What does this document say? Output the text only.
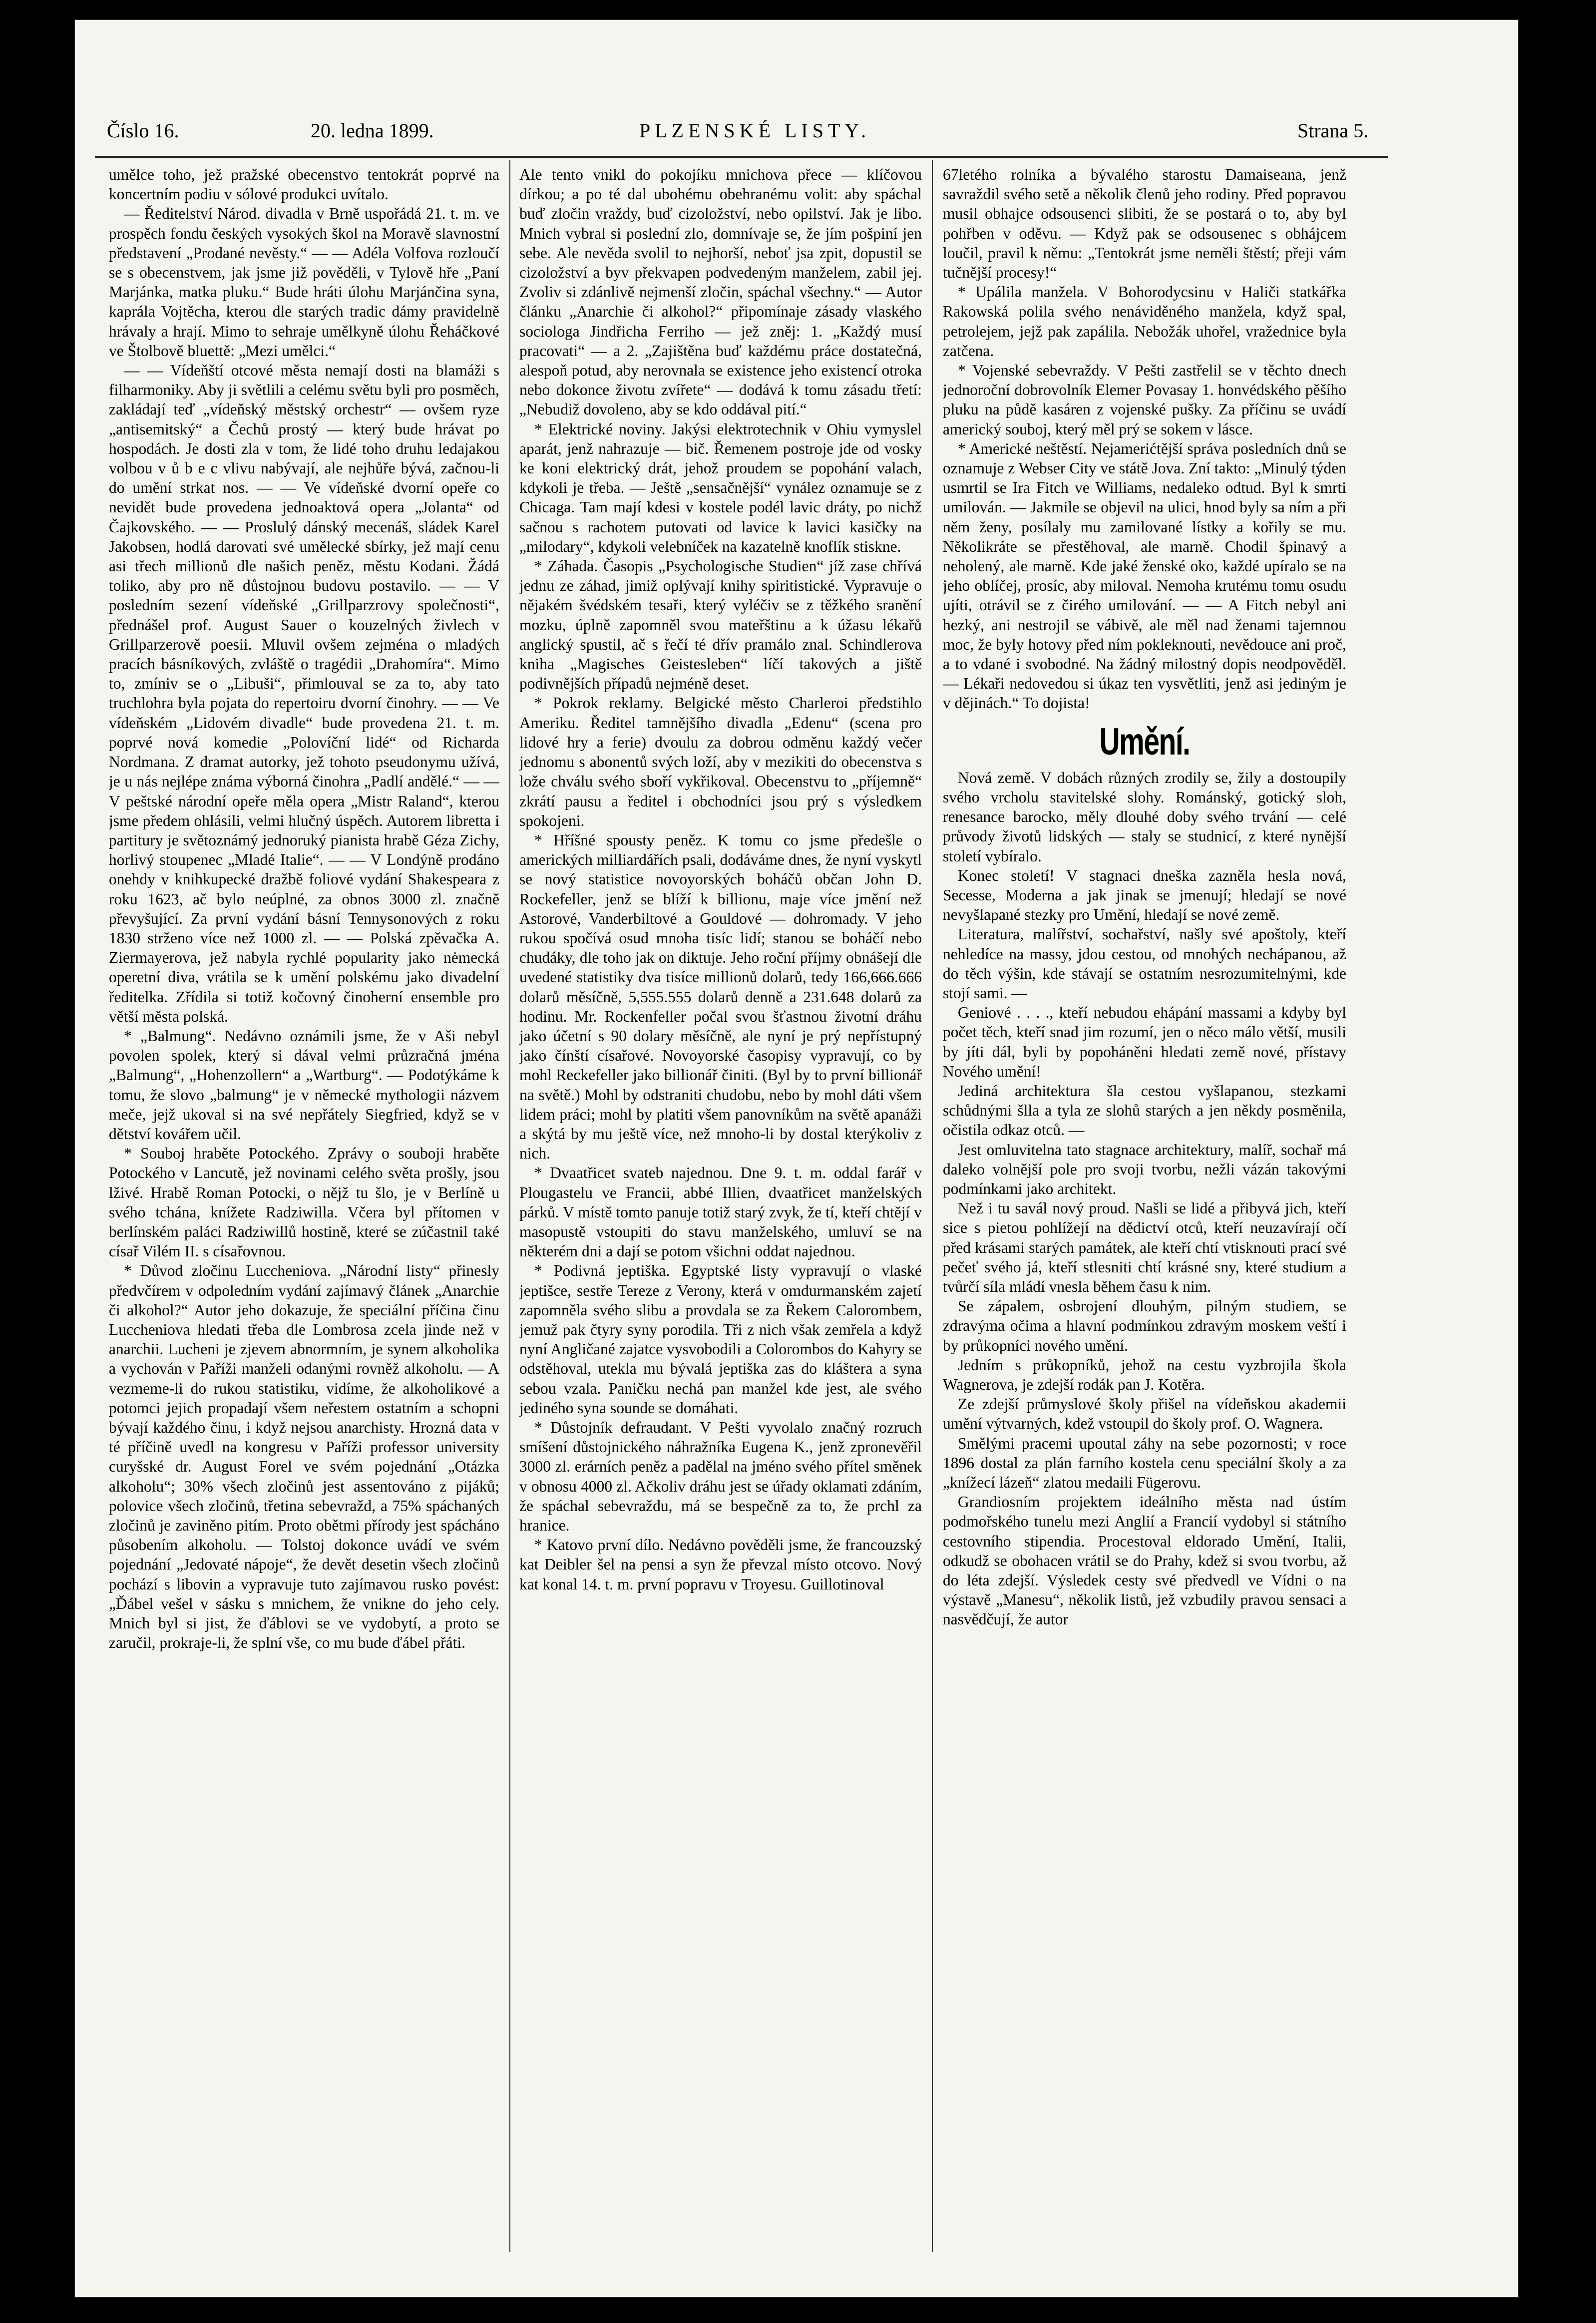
Číslo 16.	20. ledna 1899.	PLZENSKÉ LISTY.	Strana 5.

umělce toho, jež pražské obecenstvo tentokrát poprvé na koncertním podiu v sólové produkci uvítalo.

— Ředitelství Národ. divadla v Brně uspořádá 21. t. m. ve prospěch fondu českých vysokých škol na Moravě slavnostní představení „Prodané nevěsty.“ — — Adéla Volfova rozloučí se s obecenstvem, jak jsme již pověděli, v Tylově hře „Paní Marjánka, matka pluku.“ Bude hráti úlohu Marjánčina syna, kaprála Vojtěcha, kterou dle starých tradic dámy pravidelně hrávaly a hrají. Mimo to sehraje umělkyně úlohu Řeháčkové ve Štolbově bluettě: „Mezi umělci.“

— — Vídeňští otcové města nemají dosti na blamáži s filharmoniky. Aby ji světlili a celému světu byli pro posměch, zakládají teď „vídeňský městský orchestr“ — ovšem ryze „antisemitský“ a Čechů prostý — který bude hrávat po hospodách. Je dosti zla v tom, že lidé toho druhu ledajakou volbou v ů b e c vlivu nabývají, ale nejhůře bývá, začnou-li do umění strkat nos. — — Ve vídeňské dvorní opeře co nevidět bude provedena jednoaktová opera „Jolanta“ od Čajkovského. — — Proslulý dánský mecenáš, sládek Karel Jakobsen, hodlá darovati své umělecké sbírky, jež mají cenu asi třech millionů dle našich peněz, městu Kodani. Žádá toliko, aby pro ně důstojnou budovu postavilo. — — V posledním sezení vídeňské „Grillparzrovy společnosti“, přednášel prof. August Sauer o kouzelných živlech v Grillparzerově poesii. Mluvil ovšem zejména o mladých pracích básníkových, zvláště o tragédii „Drahomíra“. Mimo to, zmíniv se o „Libuši“, přimlouval se za to, aby tato truchlohra byla pojata do repertoiru dvorní činohry. — — Ve vídeňském „Lidovém divadle“ bude provedena 21. t. m. poprvé nová komedie „Polovíční lidé“ od Richarda Nordmana. Z dramat autorky, jež tohoto pseudonymu užívá, je u nás nejlépe známa výborná činohra „Padlí andělé.“ — — V peštské národní opeře měla opera „Mistr Raland“, kterou jsme předem ohlásili, velmi hlučný úspěch. Autorem libretta i partitury je světoznámý jednoruký pianista hrabě Géza Zichy, horlivý stoupenec „Mladé Italie“. — — V Londýně prodáno onehdy v knihkupecké dražbě foliové vydání Shakespeara z roku 1623, ač bylo neúplné, za obnos 3000 zl. značně převyšující. Za první vydání básní Tennysonových z roku 1830 strženo více než 1000 zl. — — Polská zpěvačka A. Ziermayerova, jež nabyla rychlé popularity jako nėmecká operetní diva, vrátila se k umění polskému jako divadelní ředitelka. Zřídila si totiž kočovný činoherní ensemble pro větší města polská.

* „Balmung“. Nedávno oznámili jsme, že v Aši nebyl povolen spolek, který si dával velmi průzračná jména „Balmung“, „Hohenzollern“ a „Wartburg“. — Podotýkáme k tomu, že slovo „balmung“ je v německé mythologii názvem meče, jejž ukoval si na své nepřátely Siegfried, když se v dětství kovářem učil.

* Souboj hraběte Potockého. Zprávy o souboji hraběte Potockého v Lancutě, jež novinami celého světa prošly, jsou lživé. Hrabě Roman Potocki, o nějž tu šlo, je v Berlíně u svého tchána, knížete Radziwilla. Včera byl přítomen v berlínském paláci Radziwillů hostině, které se zúčastnil také císař Vilém II. s císařovnou.

* Důvod zločinu Luccheniova. „Národní listy“ přinesly předvčírem v odpoledním vydání zajímavý článek „Anarchie či alkohol?“ Autor jeho dokazuje, že speciální příčina činu Luccheniova hledati třeba dle Lombrosa zcela jinde než v anarchii. Lucheni je zjevem abnormním, je synem alkoholika a vychován v Paříži manželi odanými rovněž alkoholu. — A vezmeme-li do rukou statistiku, vidíme, že alkoholikové a potomci jejich propadají všem neřestem ostatním a schopni bývají každého činu, i když nejsou anarchisty. Hrozná data v té příčině uvedl na kongresu v Paříži professor university curyšské dr. August Forel ve svém pojednání „Otázka alkoholu“; 30% všech zločinů jest assentováno z pijáků; polovice všech zločinů, třetina sebevražd, a 75% spáchaných zločinů je zaviněno pitím. Proto obětmi přírody jest spácháno působením alkoholu. — Tolstoj dokonce uvádí ve svém pojednání „Jedovaté nápoje“, že devět desetin všech zločinů pochází s libovin a vypravuje tuto zajímavou rusko povést: „Ďábel vešel v sásku s mnichem, že vnikne do jeho cely. Mnich byl si jist, že ďáblovi se ve vydobytí, a proto se zaručil, prokraje-li, že splní vše, co mu bude ďábel přáti.

Ale tento vnikl do pokojíku mnichova přece — klíčovou dírkou; a po té dal ubohému obehranému volit: aby spáchal buď zločin vraždy, buď cizoložství, nebo opilství. Jak je libo. Mnich vybral si poslední zlo, domnívaje se, že jím pošpiní jen sebe. Ale nevěda svolil to nejhorší, neboť jsa zpit, dopustil se cizoložství a byv překvapen podvedeným manželem, zabil jej. Zvoliv si zdánlivě nejmenší zločin, spáchal všechny.“ — Autor článku „Anarchie či alkohol?“ připomínaje zásady vlaského sociologa Jindřicha Ferriho — jež zněj: 1. „Každý musí pracovati“ — a 2. „Zajištěna buď každému práce dostatečná, alespoň potud, aby nerovnala se existence jeho existencí otroka nebo dokonce životu zvířete“ — dodává k tomu zásadu třetí: „Nebudiž dovoleno, aby se kdo oddával pití.“

* Elektrické noviny. Jakýsi elektrotechnik v Ohiu vymyslel aparát, jenž nahrazuje — bič. Řemenem postroje jde od vosky ke koni elektrický drát, jehož proudem se popohání valach, kdykoli je třeba. — Ještě „sensačnější“ vynález oznamuje se z Chicaga. Tam mají kdesi v kostele podél lavic dráty, po nichž sačnou s rachotem putovati od lavice k lavici kasičky na „milodary“, kdykoli velebníček na kazatelně knoflík stiskne.

* Záhada. Časopis „Psychologische Studien“ jíž zase chřívá jednu ze záhad, jimiž oplývají knihy spiritistické. Vypravuje o nějakém švédském tesaři, který vyléčiv se z těžkého sranění mozku, úplně zapomněl svou mateřštinu a k úžasu lékařů anglický spustil, ač s řečí té dřív pramálo znal. Schindlerova kniha „Magisches Geistesleben“ líčí takových a jiště podivnějších případů nejméně deset.

* Pokrok reklamy. Belgické město Charleroi předstihlo Ameriku. Ředitel tamnějšího divadla „Edenu“ (scena pro lidové hry a ferie) dvoulu za dobrou odměnu každý večer jednomu s abonentů svých loží, aby v mezikiti do obecenstva s lože chválu svého sboří vykřikoval. Obecenstvu to „příjemně“ zkrátí pausu a ředitel i obchodníci jsou prý s výsledkem spokojeni.

* Hříšné spousty peněz. K tomu co jsme předešle o amerických milliardářích psali, dodáváme dnes, že nyní vyskytl se nový statistice novoyorských boháčů občan John D. Rockefeller, jenž se blíží k billionu, maje více jmění než Astorové, Vanderbiltové a Gouldové — dohromady. V jeho rukou spočívá osud mnoha tisíc lidí; stanou se boháčí nebo chudáky, dle toho jak on diktuje. Jeho roční příjmy obnášejí dle uvedené statistiky dva tisíce millionů dolarů, tedy 166,666.666 dolarů měsíčně, 5,555.555 dolarů denně a 231.648 dolarů za hodinu. Mr. Rockenfeller počal svou šťastnou životní dráhu jako účetní s 90 dolary měsíčně, ale nyní je prý nepřístupný jako čínští císařové. Novoyorské časopisy vypravují, co by mohl Reckefeller jako billionář činiti. (Byl by to první billionář na světě.) Mohl by odstraniti chudobu, nebo by mohl dáti všem lidem práci; mohl by platiti všem panovníkům na světě apanáži a skýtá by mu ještě více, než mnoho-li by dostal kterýkoliv z nich.

* Dvaatřicet svateb najednou. Dne 9. t. m. oddal farář v Plougastelu ve Francii, abbé Illien, dvaatřicet manželských párků. V místě tomto panuje totiž starý zvyk, že tí, kteří chtějí v masopustě vstoupiti do stavu manželského, umluví se na některém dni a dají se potom všichni oddat najednou.

* Podivná jeptiška. Egyptské listy vypravují o vlaské jeptišce, sestře Tereze z Verony, která v omdurmanském zajetí zapomněla svého slibu a provdala se za Řekem Calorombem, jemuž pak čtyry syny porodila. Tři z nich však zemřela a když nyní Angličané zajatce vysvobodili a Colorombos do Kahyry se odstěhoval, utekla mu bývalá jeptiška zas do kláštera a syna sebou vzala. Paničku nechá pan manžel kde jest, ale svého jediného syna sounde se domáhati.

* Důstojník defraudant. V Pešti vyvolalo značný rozruch smíšení důstojnického náhražníka Eugena K., jenž zpronevěřil 3000 zl. erárních peněz a padělal na jméno svého přítel směnek v obnosu 4000 zl. Ačkoliv dráhu jest se úřady oklamati zdáním, že spáchal sebevraždu, má se bespečně za to, že prchl za hranice.

* Katovo první dílo. Nedávno pověděli jsme, že francouzský kat Deibler šel na pensi a syn že převzal místo otcovo. Nový kat konal 14. t. m. první popravu v Troyesu. Guillotinoval

67letého rolníka a bývalého starostu Damaiseana, jenž savraždil svého setě a několik členů jeho rodiny. Před popravou musil obhajce odsousenci slibiti, že se postará o to, aby byl pohřben v oděvu. — Když pak se odsousenec s obhájcem loučil, pravil k němu: „Tentokrát jsme neměli štěstí; přeji vám tučnější procesy!“

* Upálila manžela. V Bohorodycsinu v Haliči statkářka Rakowská polila svého nenáviděného manžela, když spal, petrolejem, jejž pak zapálila. Nebožák uhořel, vražednice byla zatčena.

* Vojenské sebevraždy. V Pešti zastřelil se v těchto dnech jednoroční dobrovolník Elemer Povasay 1. honvédského pěšího pluku na půdě kasáren z vojenské pušky. Za příčinu se uvádí americký souboj, který měl prý se sokem v lásce.

* Americké neštěstí. Nejamerićtější správa posledních dnů se oznamuje z Webser City ve státě Jova. Zní takto: „Minulý týden usmrtil se Ira Fitch ve Williams, nedaleko odtud. Byl k smrti umilován. — Jakmile se objevil na ulici, hnod byly sa ním a při něm ženy, posílaly mu zamilované lístky a kořily se mu. Několikráte se přestěhoval, ale marně. Chodil špinavý a neholený, ale marně. Kde jaké ženské oko, každé upíralo se na jeho oblíčej, prosíc, aby miloval. Nemoha krutému tomu osudu ujíti, otrávil se z čirého umilování. — — A Fitch nebyl ani hezký, ani nestrojil se vábivě, ale měl nad ženami tajemnou moc, že byly hotovy před ním pokleknouti, nevědouce ani proč, a to vdané i svobodné. Na žádný milostný dopis neodpověděl. — Lékaři nedovedou si úkaz ten vysvětliti, jenž asi jediným je v dějinách.“ To dojista!

Umění.

Nová země. V dobách různých zrodily se, žily a dostoupily svého vrcholu stavitelské slohy. Románský, gotický sloh, renesance barocko, měly dlouhé doby svého trvání — celé průvody životů lidských — staly se studnicí, z které nynější století vybíralo.

Konec století! V stagnaci dneška zazněla hesla nová, Secesse, Moderna a jak jinak se jmenují; hledají se nové nevyšlapané stezky pro Umění, hledají se nové země.

Literatura, malířství, sochařství, našly své apoštoly, kteří nehledíce na massy, jdou cestou, od mnohých nechápanou, až do těch výšin, kde stávají se ostatním nesrozumitelnými, kde stojí sami. —

Geniové . . . ., kteří nebudou ehápání massami a kdyby byl počet těch, kteří snad jim rozumí, jen o něco málo větší, musili by jíti dál, byli by popoháněni hledati země nové, přístavy Nového umění!

Jediná architektura šla cestou vyšlapanou, stezkami schůdnými šlla a tyla ze slohů starých a jen někdy posměnila, očistila odkaz otců. —

Jest omluvitelna tato stagnace architektury, malíř, sochař má daleko volnější pole pro svoji tvorbu, nežli vázán takovými podmínkami jako architekt.

Než i tu savál nový proud. Našli se lidé a přibyvá jich, kteří sice s pietou pohlížejí na dědictví otců, kteří neuzavírají očí před krásami starých památek, ale kteří chtí vtisknouti prací své pečeť svého já, kteří stlesniti chtí krásné sny, které studium a tvůrčí síla mládí vnesla během času k nim.

Se zápalem, osbrojení dlouhým, pilným studiem, se zdravýma očima a hlavní podmínkou zdravým moskem veští i by průkopníci nového umění.

Jedním s průkopníků, jehož na cestu vyzbrojila škola Wagnerova, je zdejší rodák pan J. Kotěra.

Ze zdejší průmyslové školy přišel na vídeňskou akademii umění výtvarných, kdež vstoupil do školy prof. O. Wagnera.

Smělými pracemi upoutal záhy na sebe pozornosti; v roce 1896 dostal za plán farního kostela cenu speciální školy a za „knížecí lázeň“ zlatou medaili Fügerovu.

Grandiosním projektem ideálního města nad ústím podmořského tunelu mezi Anglií a Francií vydobyl si státního cestovního stipendia. Procestoval eldorado Umění, Italii, odkudž se obohacen vrátil se do Prahy, kdež si svou tvorbu, až do léta zdejší. Výsledek cesty své předvedl ve Vídni o na výstavě „Manesu“, několik listů, jež vzbudily pravou sensaci a nasvědčují, že autor
